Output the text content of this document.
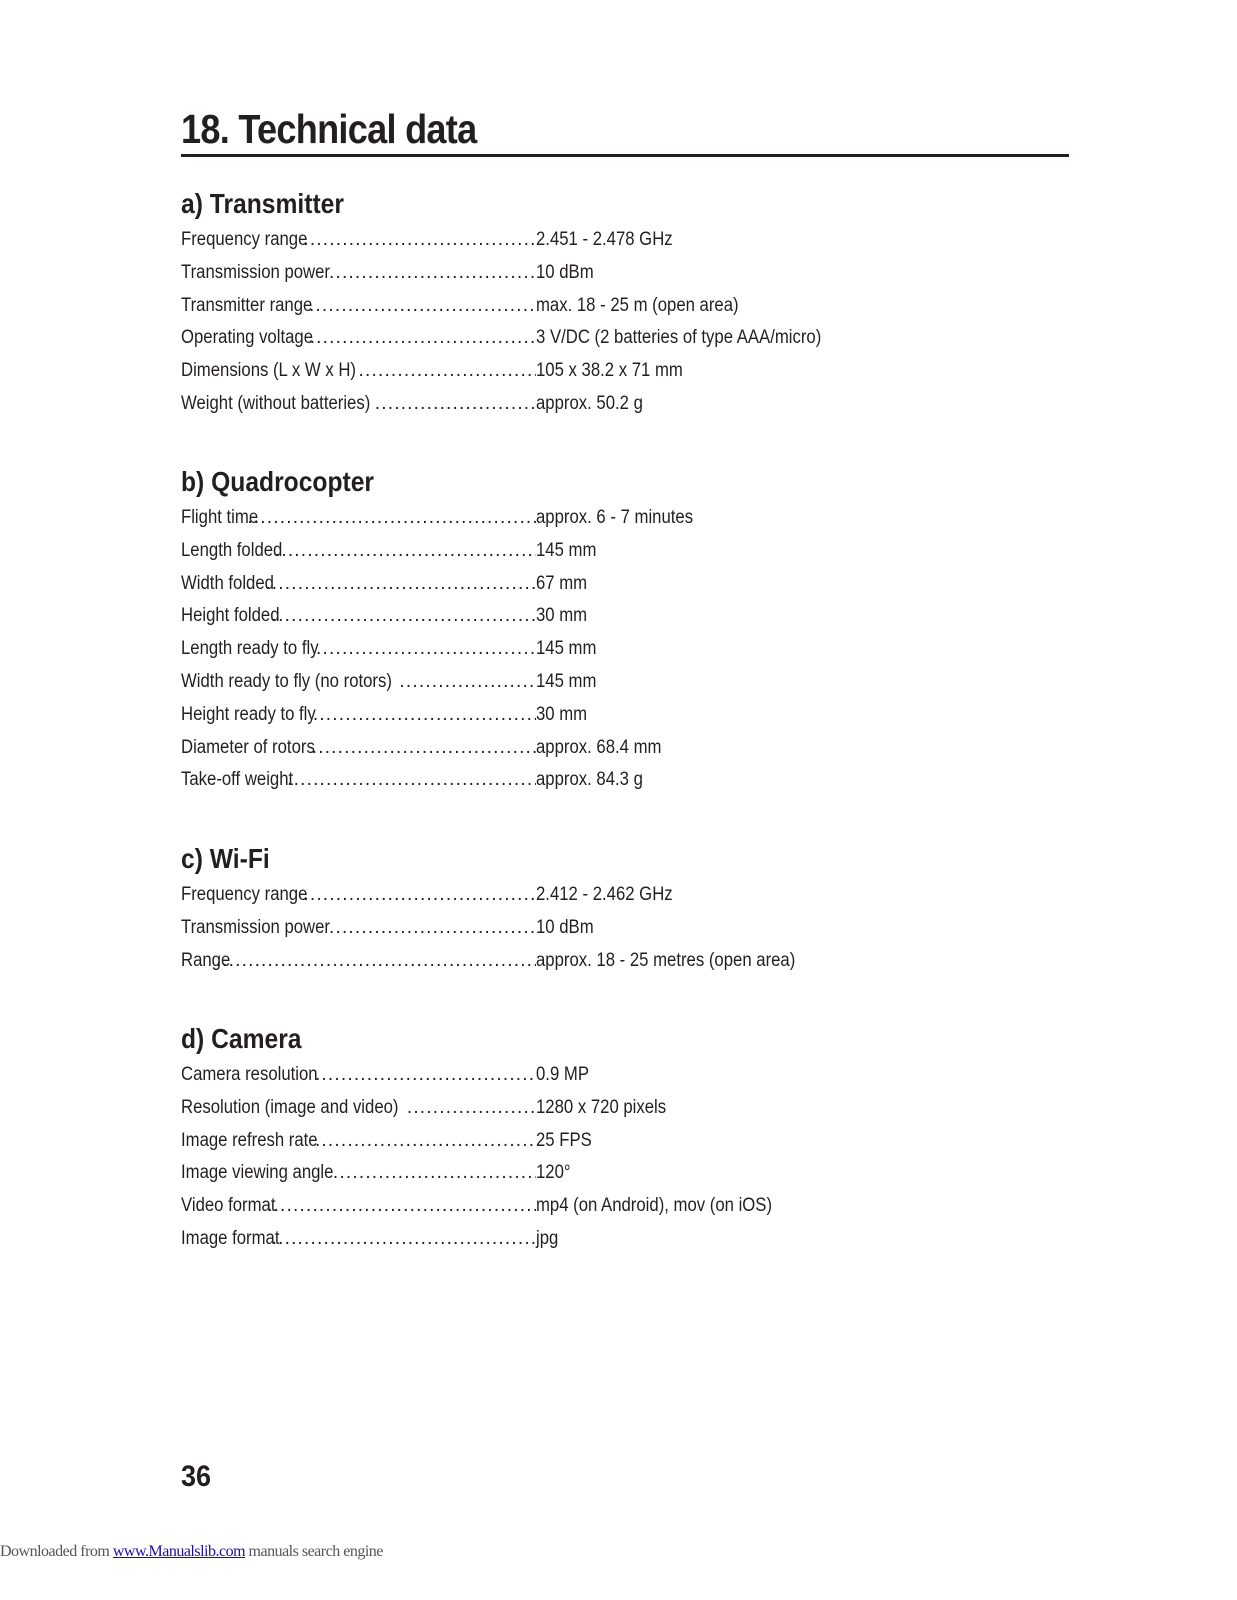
18. Technical data
a) Transmitter
Frequency range .....	2.451 - 2.478 GHz
Transmission power .....	10 dBm
Transmitter range .....	max. 18 - 25 m (open area)
Operating voltage .....	3 V/DC (2 batteries of type AAA/micro)
Dimensions (L x W x H) .....	105 x 38.2 x 71 mm
Weight (without batteries) .....	approx. 50.2 g
b) Quadrocopter
Flight time .....	approx. 6 - 7 minutes
Length folded .....	145 mm
Width folded .....	67 mm
Height folded .....	30 mm
Length ready to fly .....	145 mm
Width ready to fly (no rotors) .....	145 mm
Height ready to fly .....	30 mm
Diameter of rotors .....	approx. 68.4 mm
Take-off weight .....	approx. 84.3 g
c) Wi-Fi
Frequency range .....	2.412 - 2.462 GHz
Transmission power .....	10 dBm
Range .....	approx. 18 - 25 metres (open area)
d) Camera
Camera resolution .....	0.9 MP
Resolution (image and video) .....	1280 x 720 pixels
Image refresh rate .....	25 FPS
Image viewing angle .....	120°
Video format .....	mp4 (on Android), mov (on iOS)
Image format .....	jpg
36
Downloaded from www.Manualslib.com manuals search engine
